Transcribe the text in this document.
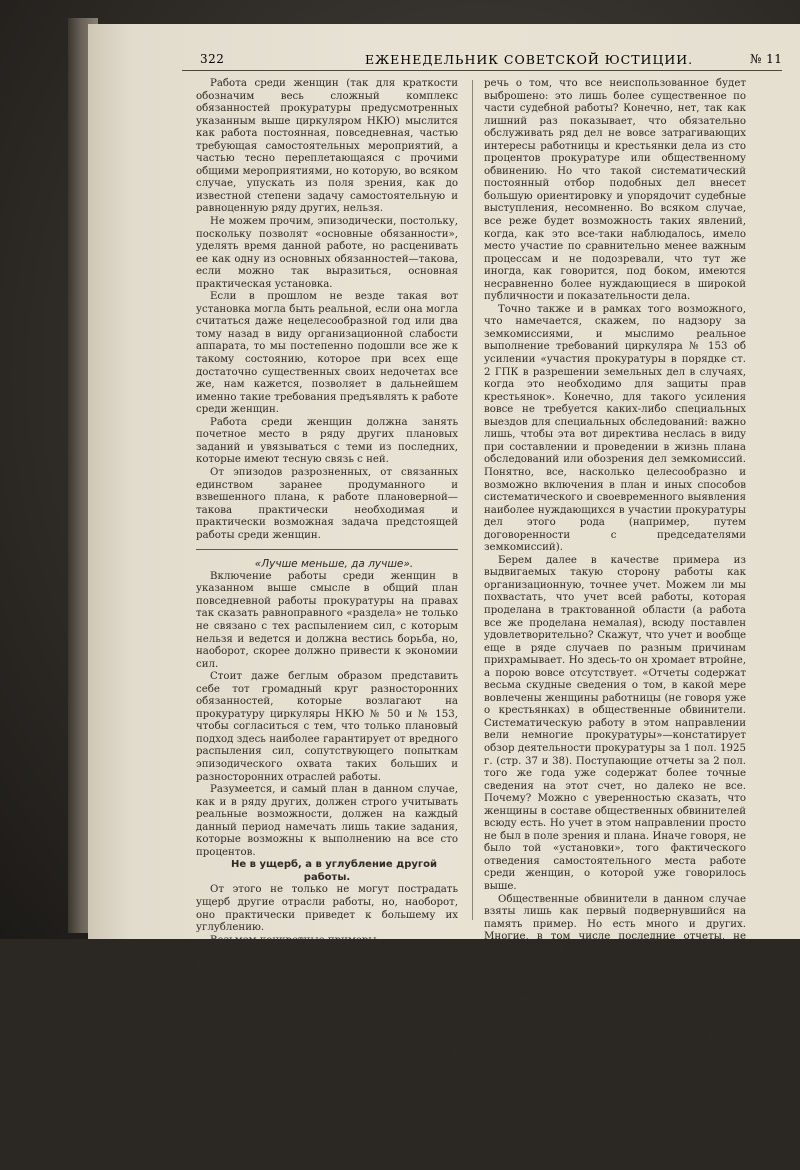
322	ЕЖЕНЕДЕЛЬНИК СОВЕТСКОЙ ЮСТИЦИИ.	№ 11

Работа среди женщин (так для краткости обозначим весь сложный комплекс обязанностей прокуратуры предусмотренных указанным выше циркуляром НКЮ) мыслится как работа постоянная, повседневная, частью требующая самостоятельных мероприятий, а частью тесно переплетающаяся с прочими общими мероприятиями, но которую, во всяком случае, упускать из поля зрения, как до известной степени задачу самостоятельную и равноценную ряду других, нельзя.

Не можем прочим, эпизодически, постольку, поскольку позволят «основные обязанности», уделять время данной работе, но расценивать ее как одну из основных обязанностей—такова, если можно так выразиться, основная практическая установка.

Если в прошлом не везде такая вот установка могла быть реальной, если она могла считаться даже нецелесообразной год или два тому назад в виду организационной слабости аппарата, то мы постепенно подошли все же к такому состоянию, которое при всех еще достаточно существенных своих недочетах все же, нам кажется, позволяет в дальнейшем именно такие требования предъявлять к работе среди женщин.

Работа среди женщин должна занять почетное место в ряду других плановых заданий и увязываться с теми из последних, которые имеют тесную связь с ней.

От эпизодов разрозненных, от связанных единством заранее продуманного и взвешенного плана, к работе плановерной—такова практически необходимая и практически возможная задача предстоящей работы среди женщин.

«Лучше меньше, да лучше».

Включение работы среди женщин в указанном выше смысле в общий план повседневной работы прокуратуры на правах так сказать равноправного «раздела» не только не связано с тех распылением сил, с которым нельзя и ведется и должна вестись борьба, но, наоборот, скорее должно привести к экономии сил.

Стоит даже беглым образом представить себе тот громадный круг разносторонних обязанностей, которые возлагают на прокуратуру циркуляры НКЮ № 50 и № 153, чтобы согласиться с тем, что только плановый подход здесь наиболее гарантирует от вредного распыления сил, сопутствующего попыткам эпизодического охвата таких больших и разносторонних отраслей работы.

Разумеется, и самый план в данном случае, как и в ряду других, должен строго учитывать реальные возможности, должен на каждый данный период намечать лишь такие задания, которые возможны к выполнению на все сто процентов.

Не в ущерб, а в углубление другой работы.

От этого не только не могут пострадать ущерб другие отрасли работы, но, наоборот, оно практически приведет к большему их углублению.

Возьмем конкретные примеры.

Речь, скажем, идет о судебной работе. Имеется ряд дел, в наибольшей степени затрагивающих бытовые и хозяйственные интересы работницы или крестьянки, как то: алименты, разделы, жестокое обращение и т. п. Дел, в которых часто так необходимо участие прокурора, общественного обвинителя (в притом из числа передовых работниц) и систематическое выделение, отбор которых в контакте с по договоренности с судебным органом и может и должен составить одну из частей общего плана судебного надзора прокуратуры. И разве может итти

речь о том, что все неиспользованное будет выброшено: это лишь более существенное по части судебной работы? Конечно, нет, так как лишний раз показывает, что обязательно обслуживать ряд дел не вовсе затрагивающих интересы работницы и крестьянки дела из сто процентов прокуратуре или общественному обвинению. Но что такой систематический постоянный отбор подобных дел внесет большую ориентировку и упорядочит судебные выступления, несомненно. Во всяком случае, все реже будет возможность таких явлений, когда, как это все-таки наблюдалось, имело место участие по сравнительно менее важным процессам и не подозревали, что тут же иногда, как говорится, под боком, имеются несравненно более нуждающиеся в широкой публичности и показательности дела.

Точно также и в рамках того возможного, что намечается, скажем, по надзору за земкомиссиями, и мыслимо реальное выполнение требований циркуляра № 153 об усилении «участия прокуратуры в порядке ст. 2 ГПК в разрешении земельных дел в случаях, когда это необходимо для защиты прав крестьянок». Конечно, для такого усиления вовсе не требуется каких-либо специальных выездов для специальных обследований: важно лишь, чтобы эта вот директива неслась в виду при составлении и проведении в жизнь плана обследований или обозрения дел земкомиссий. Понятно, все, насколько целесообразно и возможно включения в план и иных способов систематического и своевременного выявления наиболее нуждающихся в участии прокуратуры дел этого рода (например, путем договоренности с председателями земкомиссий).

Берем далее в качестве примера из выдвигаемых такую сторону работы как организационную, точнее учет. Можем ли мы похвастать, что учет всей работы, которая проделана в трактованной области (а работа все же проделана немалая), всюду поставлен удовлетворительно? Скажут, что учет и вообще еще в ряде случаев по разным причинам прихрамывает. Но здесь-то он хромает втройне, а порою вовсе отсутствует. «Отчеты содержат весьма скудные сведения о том, в какой мере вовлечены женщины работницы (не говоря уже о крестьянках) в общественные обвинители. Систематическую работу в этом направлении вели немногие прокуратуры»—констатирует обзор деятельности прокуратуры за 1 пол. 1925 г. (стр. 37 и 38). Поступающие отчеты за 2 пол. того же года уже содержат более точные сведения на этот счет, но далеко не все. Почему? Можно с уверенностью сказать, что женщины в составе общественных обвинителей всюду есть. Но учет в этом направлении просто не был в поле зрения и плана. Иначе говоря, не было той «установки», того фактического отведения самостоятельного места работе среди женщин, о которой уже говорилось выше.

Общественные обвинители в данном случае взяты лишь как первый подвернувшийся на память пример. Но есть много и других. Многие, в том числе последние отчеты, не ограничиваясь формами № 8 и 8а (ныне перерабатываемыми), дают ряд дополнительных весьма ценных сведений статистического характера, освещающих различные заслуживающие внимания вопросы. Напр., дается подробнейший анализ жалоб, разбивка их по содержанию, по социальному положению жалобщиков и т. д. Но как крайне редкое исключение и тут встречаются отражения, хотя бы в виде единственной скромной графы, той части жалоб, которая является специфически «женскими» («женских», в условно-ограниченном значении этого слова). Почему? Разве мало было подобных весьма характерных жалоб? Конечно, их было немало. И, надо думать, к ним отнеслись внимательно. А причина та же. То же неумен
